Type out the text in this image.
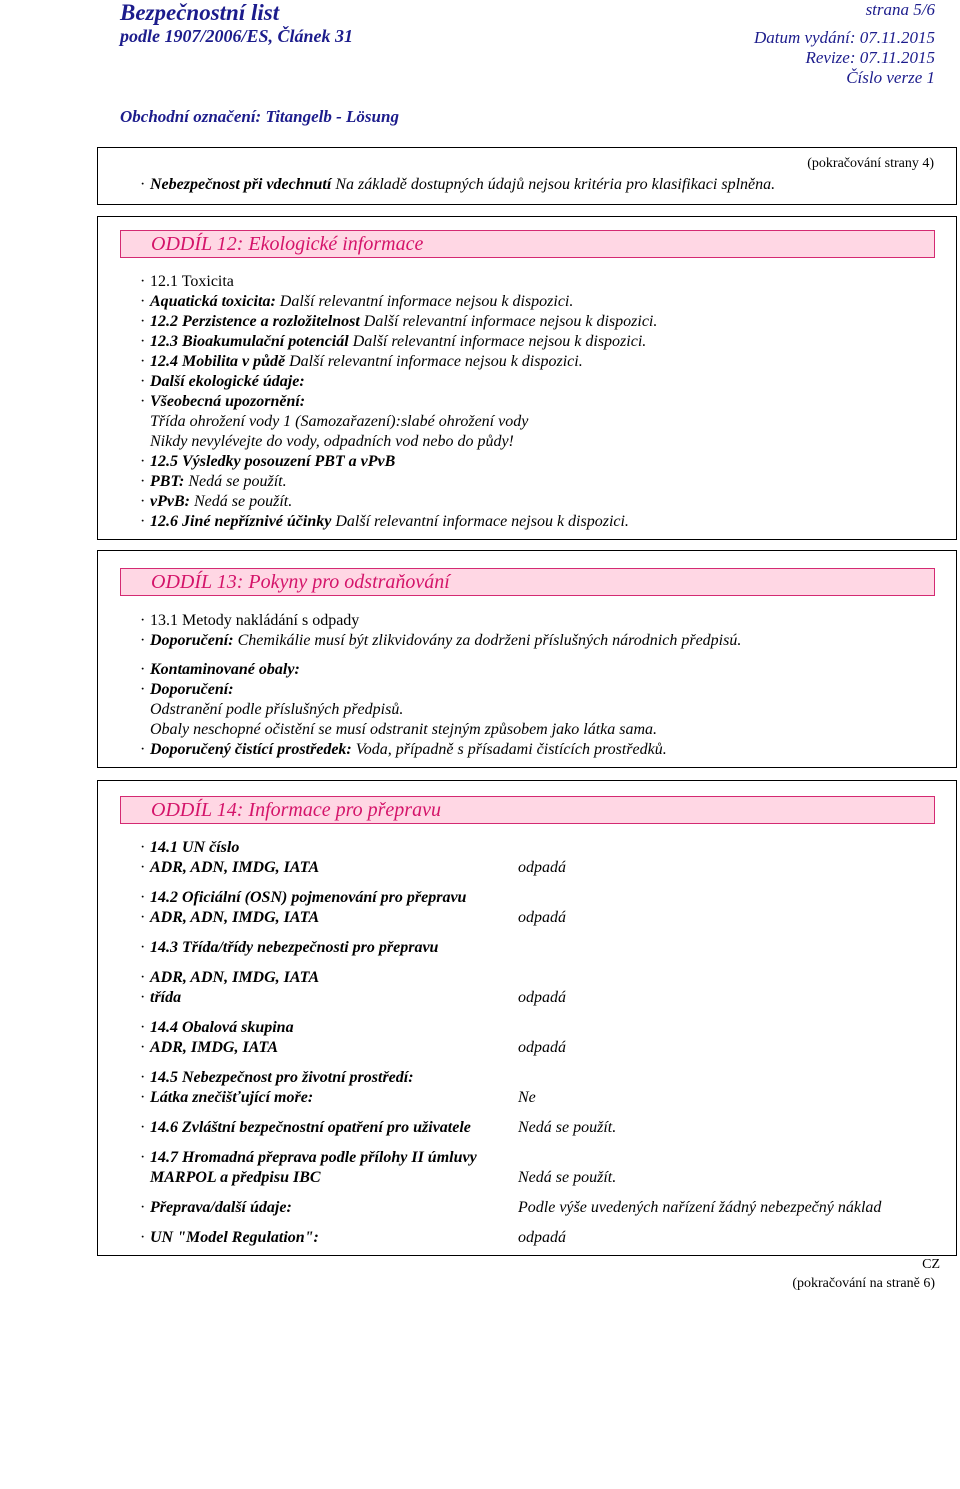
Bezpečnostní list
podle 1907/2006/ES, Článek 31
strana 5/6
Datum vydání: 07.11.2015
Revize: 07.11.2015
Číslo verze 1
Obchodní označení: Titangelb - Lösung
(pokračování strany 4)
· Nebezpečnost při vdechnutí Na základě dostupných údajů nejsou kritéria pro klasifikaci splněna.
ODDÍL 12: Ekologické informace
· 12.1 Toxicita
· Aquatická toxicita: Další relevantní informace nejsou k dispozici.
· 12.2 Perzistence a rozložitelnost Další relevantní informace nejsou k dispozici.
· 12.3 Bioakumulační potenciál Další relevantní informace nejsou k dispozici.
· 12.4 Mobilita v půdě Další relevantní informace nejsou k dispozici.
· Další ekologické údaje:
· Všeobecná upozornění:
Třída ohrožení vody 1 (Samozařazení):slabé ohrožení vody
Nikdy nevylévejte do vody, odpadních vod nebo do půdy!
· 12.5 Výsledky posouzení PBT a vPvB
· PBT: Nedá se použít.
· vPvB: Nedá se použít.
· 12.6 Jiné nepříznivé účinky Další relevantní informace nejsou k dispozici.
ODDÍL 13: Pokyny pro odstraňování
· 13.1 Metody nakládání s odpady
· Doporučení: Chemikálie musí být zlikvidovány za dodrženi příslušných národnich předpisú.
· Kontaminované obaly:
· Doporučení:
Odstranění podle příslušných předpisů.
Obaly neschopné očistění se musí odstranit stejným způsobem jako látka sama.
· Doporučený čistící prostředek: Voda, případně s přísadami čistících prostředků.
ODDÍL 14: Informace pro přepravu
· 14.1 UN číslo
· ADR, ADN, IMDG, IATA	odpadá
· 14.2 Oficiální (OSN) pojmenování pro přepravu
· ADR, ADN, IMDG, IATA	odpadá
· 14.3 Třída/třídy nebezpečnosti pro přepravu
· ADR, ADN, IMDG, IATA
· třída	odpadá
· 14.4 Obalová skupina
· ADR, IMDG, IATA	odpadá
· 14.5 Nebezpečnost pro životní prostředí:
· Látka znečišťující moře:	Ne
· 14.6 Zvláštní bezpečnostní opatření pro uživatele	Nedá se použít.
· 14.7 Hromadná přeprava podle přílohy II úmluvy
MARPOL a předpisu IBC	Nedá se použít.
· Přeprava/další údaje:	Podle výše uvedených nařízení žádný nebezpečný náklad
· UN "Model Regulation":	odpadá
CZ
(pokračování na straně 6)
